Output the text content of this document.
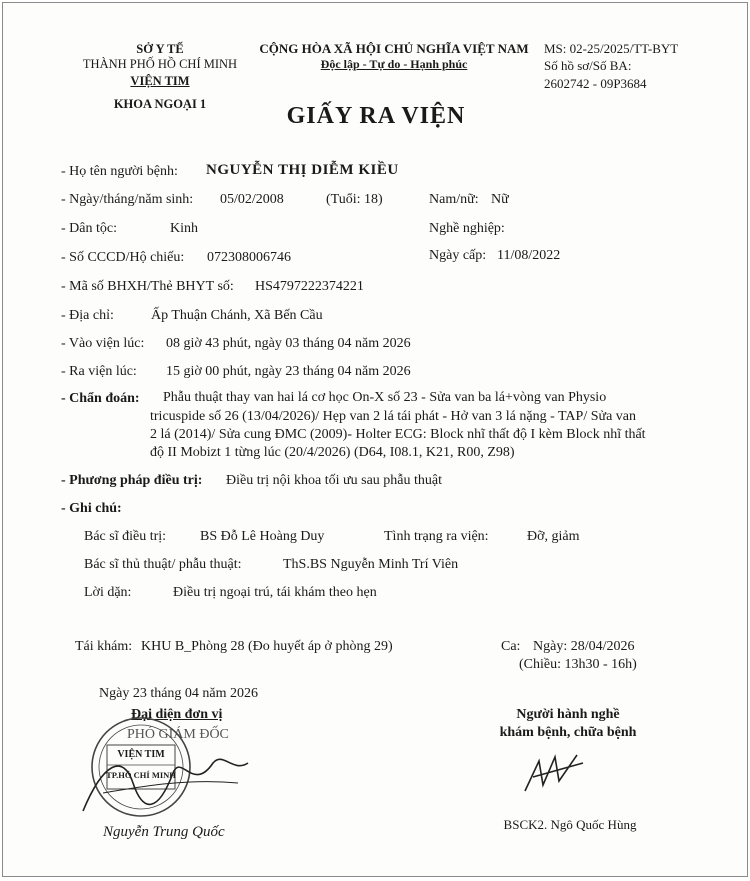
SỞ Y TẾ
THÀNH PHỐ HỒ CHÍ MINH
VIỆN TIM
KHOA NGOẠI 1
CỘNG HÒA XÃ HỘI CHỦ NGHĨA VIỆT NAM
Độc lập - Tự do - Hạnh phúc
MS: 02-25/2025/TT-BYT
Số hồ sơ/Số BA:
2602742 - 09P3684
GIẤY RA VIỆN
- Họ tên người bệnh: NGUYỄN THỊ DIỄM KIỀU
- Ngày/tháng/năm sinh: 05/02/2008	(Tuổi: 18)	Nam/nữ: Nữ
- Dân tộc:	Kinh	Nghề nghiệp:
- Số CCCD/Hộ chiếu: 072308006746	Ngày cấp: 11/08/2022
- Mã số BHXH/Thẻ BHYT số: HS4797222374221
- Địa chỉ:	Ấp Thuận Chánh, Xã Bến Cầu
- Vào viện lúc: 08 giờ 43 phút, ngày 03 tháng 04 năm 2026
- Ra viện lúc: 15 giờ 00 phút, ngày 23 tháng 04 năm 2026
- Chẩn đoán: Phẫu thuật thay van hai lá cơ học On-X số 23 - Sửa van ba lá+vòng van Physio
tricuspide số 26 (13/04/2026)/ Hẹp van 2 lá tái phát - Hở van 3 lá nặng - TAP/ Sửa van
2 lá (2014)/ Sửa cung ĐMC (2009)- Holter ECG: Block nhĩ thất độ I kèm Block nhĩ thất
độ II Mobizt 1 từng lúc (20/4/2026) (D64, I08.1, K21, R00, Z98)
- Phương pháp điều trị: Điều trị nội khoa tối ưu sau phẫu thuật
- Ghi chú:
Bác sĩ điều trị: BS Đỗ Lê Hoàng Duy	Tình trạng ra viện:	Đỡ, giảm
Bác sĩ thủ thuật/ phẫu thuật:	ThS.BS Nguyễn Minh Trí Viên
Lời dặn:	Điều trị ngoại trú, tái khám theo hẹn
Tái khám: KHU B_Phòng 28 (Đo huyết áp ở phòng 29)	Ca: Ngày: 28/04/2026
(Chiều: 13h30 - 16h)
Ngày 23 tháng 04 năm 2026
Đại diện đơn vị
PHÓ GIÁM ĐỐC
VIỆN TIM
TP.HỒ CHÍ MINH
Nguyễn Trung Quốc
Người hành nghề
khám bệnh, chữa bệnh
BSCK2. Ngô Quốc Hùng
